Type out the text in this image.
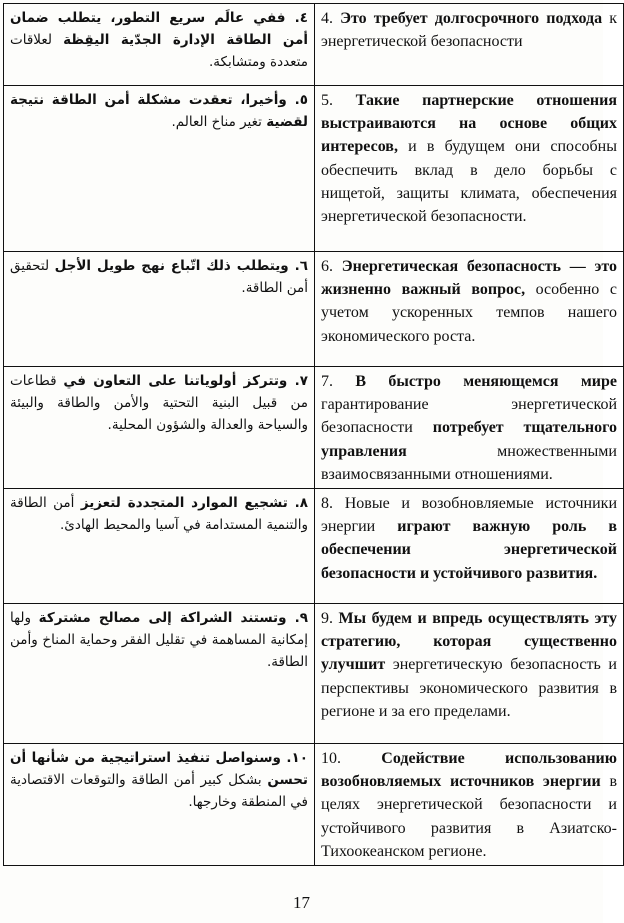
٤. ففي عالَم سريع التطور، يتطلب ضمان أمن الطاقة الإدارة الجدّية اليقِظة لعلاقات متعددة ومتشابكة.	4. Это требует долгосрочного подхода к энергетической безопасности
٥. وأخيرا، تعقدت مشكلة أمن الطاقة نتيجة لقضية تغير مناخ العالم.	5. Такие партнерские отношения выстраиваются на основе общих интересов, и в будущем они способны обеспечить вклад в дело борьбы с нищетой, защиты климата, обеспечения энергетической безопасности.
٦. ويتطلب ذلك اتّباع نهج طويل الأجل لتحقيق أمن الطاقة.	6. Энергетическая безопасность — это жизненно важный вопрос, особенно с учетом ускоренных темпов нашего экономического роста.
٧. وتتركز أولوياتنا على التعاون في قطاعات من قبيل البنية التحتية والأمن والطاقة والبيئة والسياحة والعدالة والشؤون المحلية.	7. В быстро меняющемся мире гарантирование энергетической безопасности потребует тщательного управления множественными взаимосвязанными отношениями.
٨. تشجيع الموارد المتجددة لتعزيز أمن الطاقة والتنمية المستدامة في آسيا والمحيط الهادئ.	8. Новые и возобновляемые источники энергии играют важную роль в обеспечении энергетической безопасности и устойчивого развития.
٩. وتستند الشراكة إلى مصالح مشتركة ولها إمكانية المساهمة في تقليل الفقر وحماية المناخ وأمن الطاقة.	9. Мы будем и впредь осуществлять эту стратегию, которая существенно улучшит энергетическую безопасность и перспективы экономического развития в регионе и за его пределами.
١٠. وسنواصل تنفيذ استراتيجية من شأنها أن تحسن بشكل كبير أمن الطاقة والتوقعات الاقتصادية في المنطقة وخارجها.	10. Содействие использованию возобновляемых источников энергии в целях энергетической безопасности и устойчивого развития в Азиатско-Тихоокеанском регионе.
17
